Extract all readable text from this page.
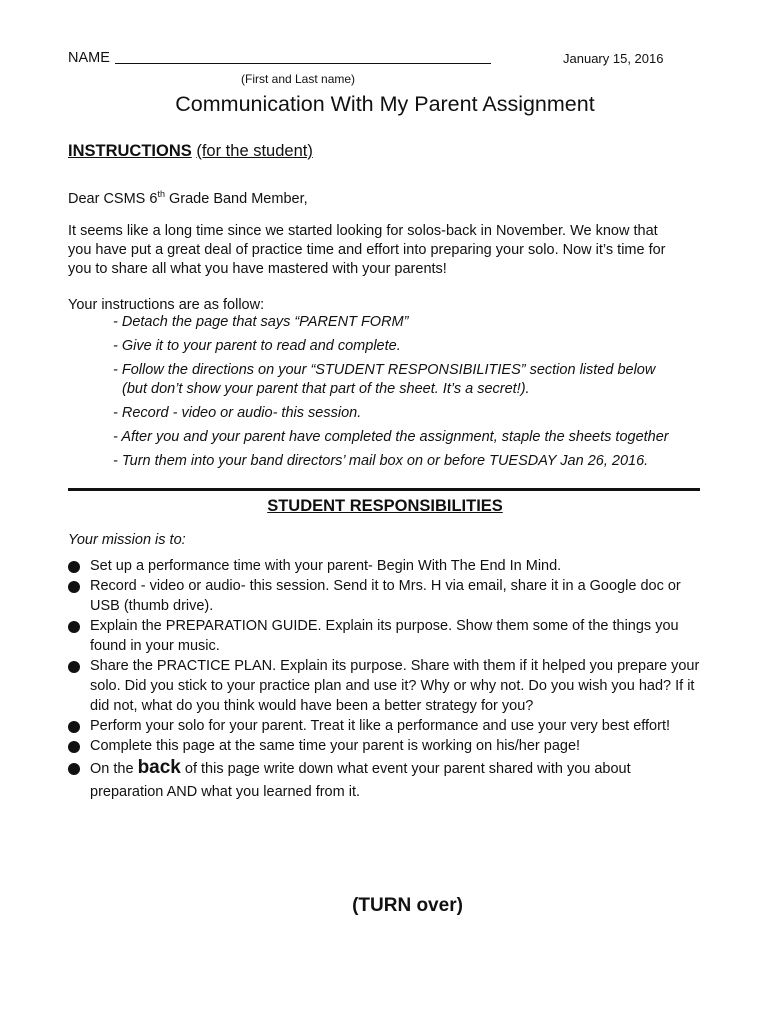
NAME	January 15, 2016
(First and Last name)
Communication With My Parent Assignment
INSTRUCTIONS (for the student)
Dear CSMS 6th Grade Band Member,
It seems like a long time since we started looking for solos-back in November. We know that
you have put a great deal of practice time and effort into preparing your solo. Now it’s time for
you to share all what you have mastered with your parents!
Your instructions are as follow:
- Detach the page that says “PARENT FORM”
- Give it to your parent to read and complete.
- Follow the directions on your “STUDENT RESPONSIBILITIES” section listed below
(but don’t show your parent that part of the sheet. It’s a secret!).
- Record - video or audio- this session.
- After you and your parent have completed the assignment, staple the sheets together
- Turn them into your band directors’ mail box on or before TUESDAY Jan 26, 2016.
STUDENT RESPONSIBILITIES
Your mission is to:
Set up a performance time with your parent- Begin With The End In Mind.
Record - video or audio- this session. Send it to Mrs. H via email, share it in a Google doc or USB (thumb drive).
Explain the PREPARATION GUIDE. Explain its purpose. Show them some of the things you found in your music.
Share the PRACTICE PLAN. Explain its purpose. Share with them if it helped you prepare your solo. Did you stick to your practice plan and use it? Why or why not. Do you wish you had? If it did not, what do you think would have been a better strategy for you?
Perform your solo for your parent. Treat it like a performance and use your very best effort!
Complete this page at the same time your parent is working on his/her page!
On the back of this page write down what event your parent shared with you about preparation AND what you learned from it.
(TURN over)
